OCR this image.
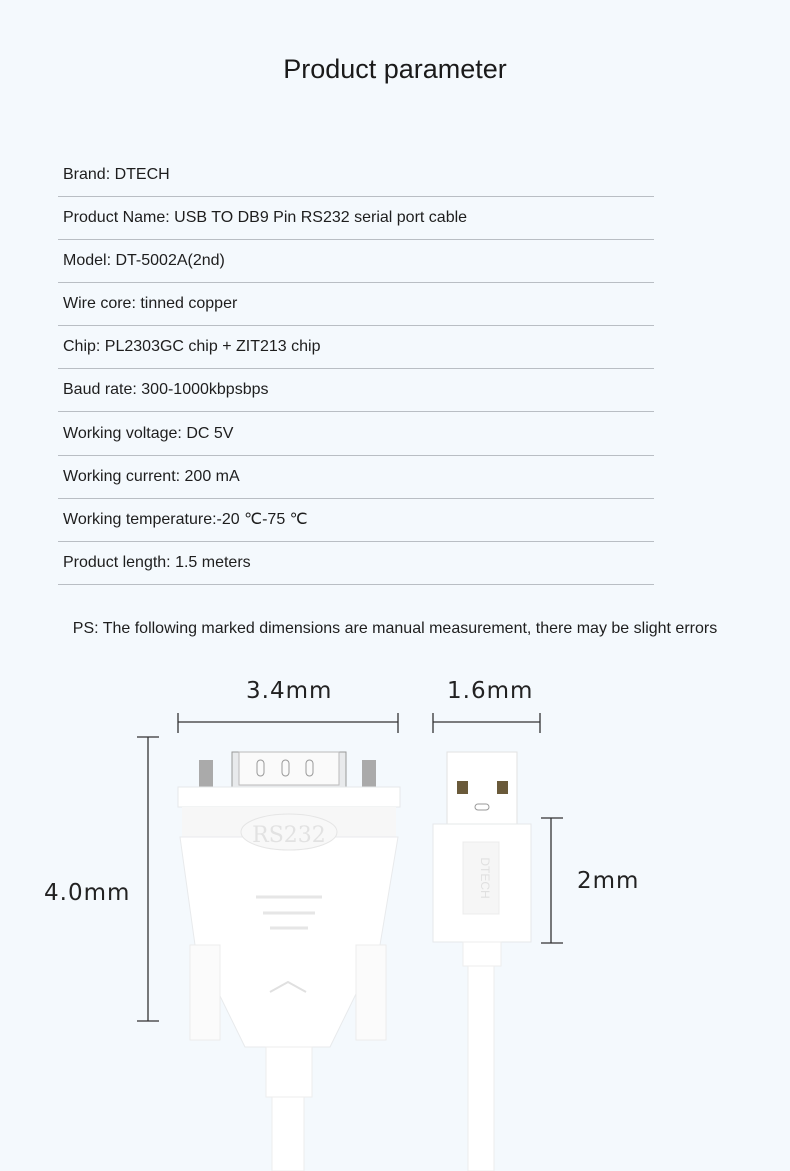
Product parameter
Brand: DTECH
Product Name: USB TO DB9 Pin RS232 serial port cable
Model: DT-5002A(2nd)
Wire core: tinned copper
Chip: PL2303GC chip + ZIT213 chip
Baud rate: 300-1000kbpsbps
Working voltage: DC 5V
Working current: 200 mA
Working temperature:-20 ℃-75 ℃
Product length: 1.5 meters
PS: The following marked dimensions are manual measurement, there may be slight errors
RS232
DTECH
3.4mm	1.6mm
4.0mm	2mm
